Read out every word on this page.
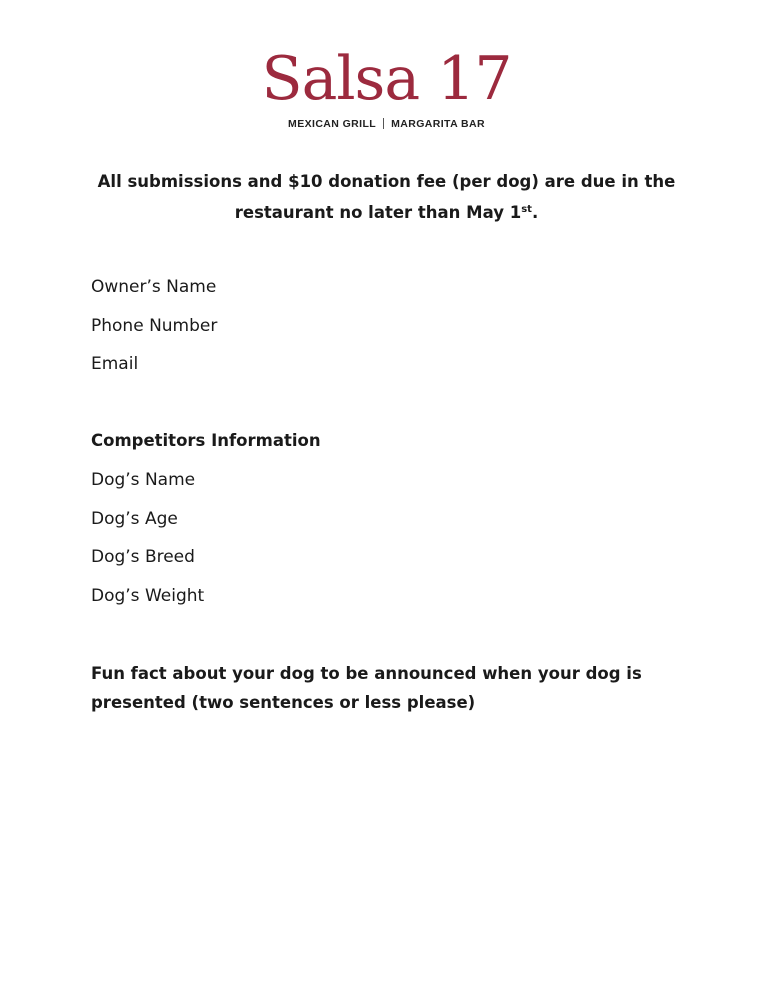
Salsa 17
MEXICAN GRILL MARGARITA BAR
All submissions and $10 donation fee (per dog) are due in the
restaurant no later than May 1st.
Owner’s Name
Phone Number
Email
Competitors Information
Dog’s Name
Dog’s Age
Dog’s Breed
Dog’s Weight
Fun fact about your dog to be announced when your dog is
presented (two sentences or less please)
